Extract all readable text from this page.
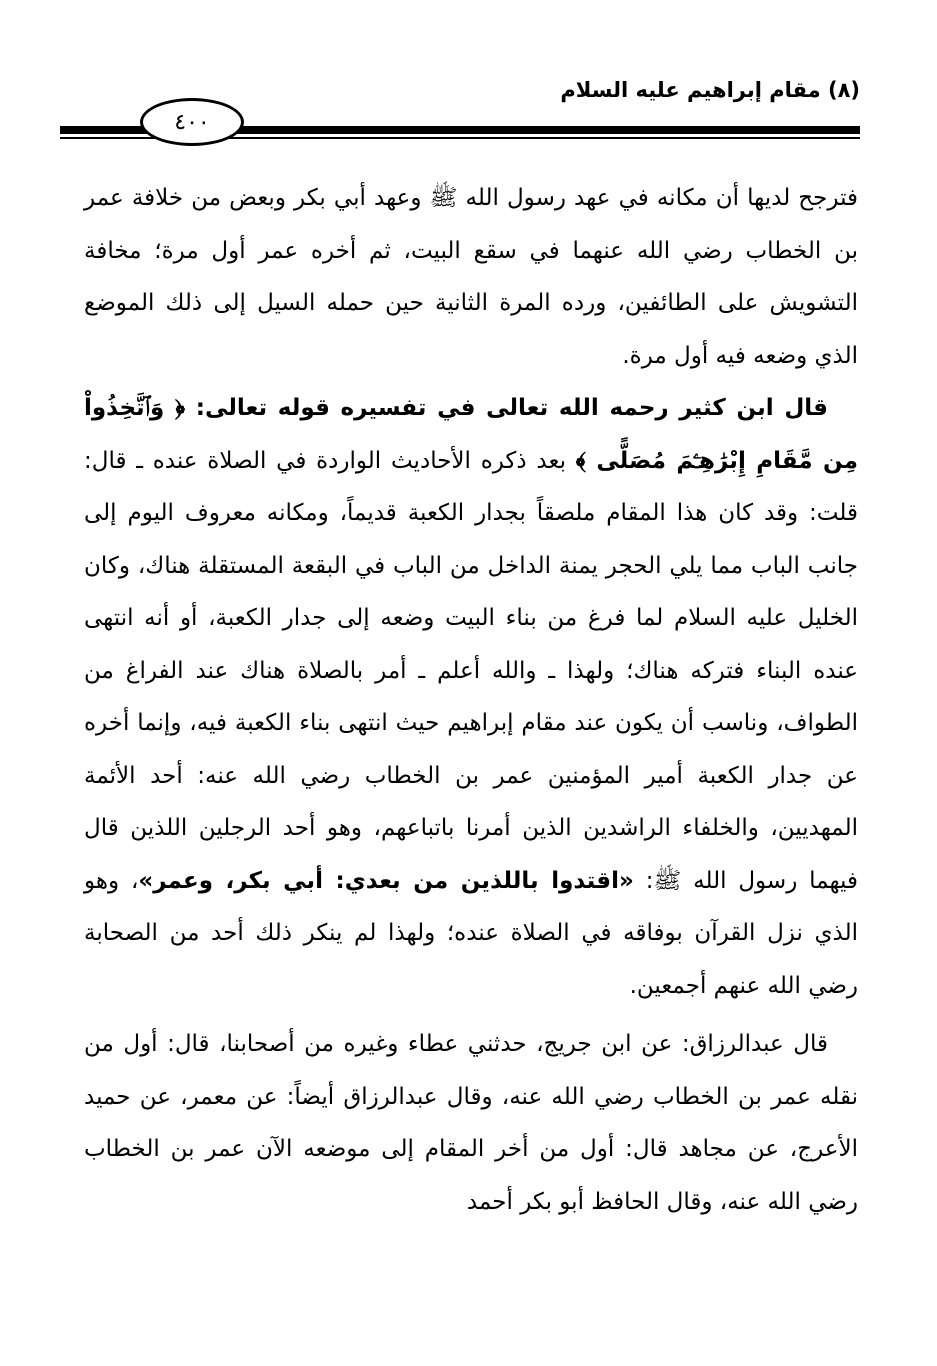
(٨) مقام إبراهيم عليه السلام
٤٠٠

فترجح لديها أن مكانه في عهد رسول الله ﷺ وعهد أبي بكر وبعض من خلافة عمر بن الخطاب رضي الله عنهما في سقع البيت، ثم أخره عمر أول مرة؛ مخافة التشويش على الطائفين، ورده المرة الثانية حين حمله السيل إلى ذلك الموضع الذي وضعه فيه أول مرة.

قال ابن كثير رحمه الله تعالى في تفسيره قوله تعالى: ﴿ وَٱتَّخِذُواْ مِن مَّقَامِ إِبْرَٰهِـۧمَ مُصَلًّى ﴾ بعد ذكره الأحاديث الواردة في الصلاة عنده ـ قال: قلت: وقد كان هذا المقام ملصقاً بجدار الكعبة قديماً، ومكانه معروف اليوم إلى جانب الباب مما يلي الحجر يمنة الداخل من الباب في البقعة المستقلة هناك، وكان الخليل عليه السلام لما فرغ من بناء البيت وضعه إلى جدار الكعبة، أو أنه انتهى عنده البناء فتركه هناك؛ ولهذا ـ والله أعلم ـ أمر بالصلاة هناك عند الفراغ من الطواف، وناسب أن يكون عند مقام إبراهيم حيث انتهى بناء الكعبة فيه، وإنما أخره عن جدار الكعبة أمير المؤمنين عمر بن الخطاب رضي الله عنه: أحد الأئمة المهديين، والخلفاء الراشدين الذين أمرنا باتباعهم، وهو أحد الرجلين اللذين قال فيهما رسول الله ﷺ: «اقتدوا باللذين من بعدي: أبي بكر، وعمر»، وهو الذي نزل القرآن بوفاقه في الصلاة عنده؛ ولهذا لم ينكر ذلك أحد من الصحابة رضي الله عنهم أجمعين.

قال عبدالرزاق: عن ابن جريج، حدثني عطاء وغيره من أصحابنا، قال: أول من نقله عمر بن الخطاب رضي الله عنه، وقال عبدالرزاق أيضاً: عن معمر، عن حميد الأعرج، عن مجاهد قال: أول من أخر المقام إلى موضعه الآن عمر بن الخطاب رضي الله عنه، وقال الحافظ أبو بكر أحمد
